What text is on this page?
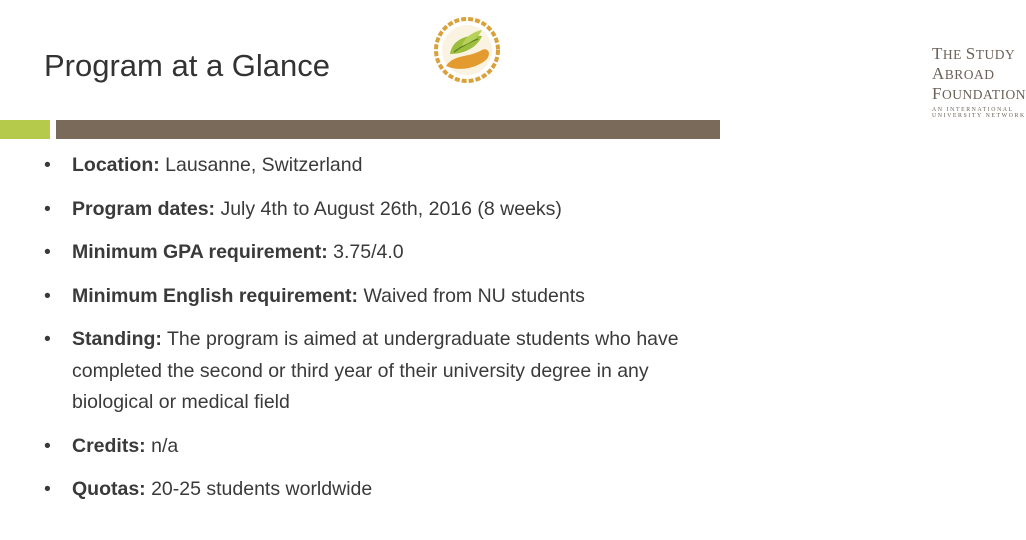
Program at a Glance	THE STUDY ABROAD FOUNDATION
AN INTERNATIONAL UNIVERSITY NETWORK
• Location: Lausanne, Switzerland
• Program dates: July 4th to August 26th, 2016 (8 weeks)
• Minimum GPA requirement: 3.75/4.0
• Minimum English requirement: Waived from NU students
• Standing: The program is aimed at undergraduate students who have completed the second or third year of their university degree in any biological or medical field
• Credits: n/a
• Quotas: 20-25 students worldwide
